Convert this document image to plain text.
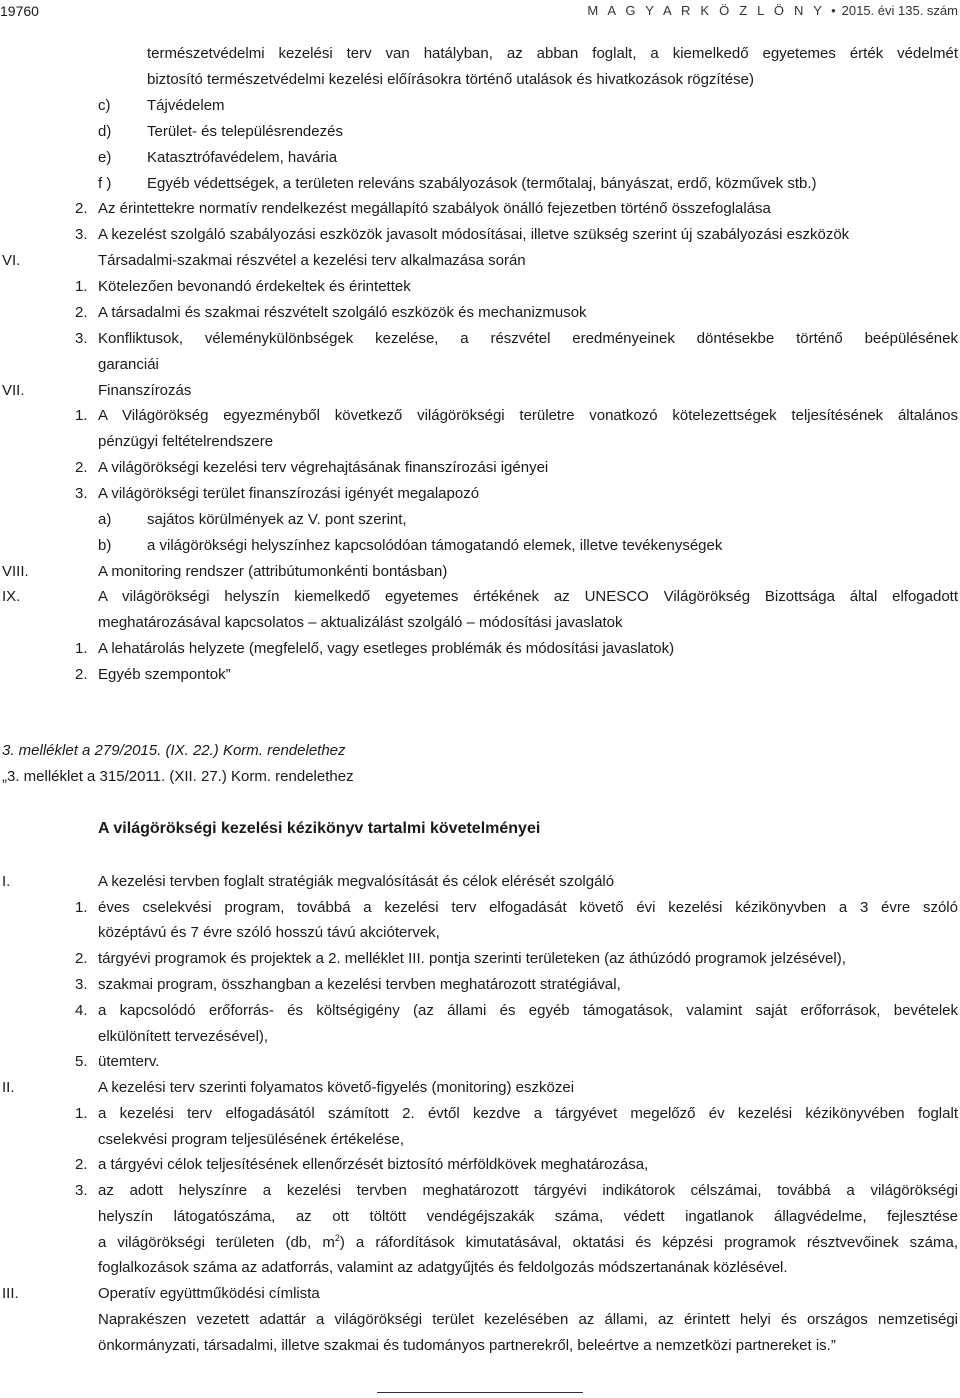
19760	M A G Y A R K Ö Z L Ö N Y • 2015. évi 135. szám
természetvédelmi kezelési terv van hatályban, az abban foglalt, a kiemelkedő egyetemes érték védelmét
biztosító természetvédelmi kezelési előírásokra történő utalások és hivatkozások rögzítése)
c) Tájvédelem
d) Terület- és településrendezés
e) Katasztrófavédelem, havária
f ) Egyéb védettségek, a területen releváns szabályozások (termőtalaj, bányászat, erdő, közművek stb.)
2. Az érintettekre normatív rendelkezést megállapító szabályok önálló fejezetben történő összefoglalása
3. A kezelést szolgáló szabályozási eszközök javasolt módosításai, illetve szükség szerint új szabályozási eszközök
VI.	Társadalmi-szakmai részvétel a kezelési terv alkalmazása során
1. Kötelezően bevonandó érdekeltek és érintettek
2. A társadalmi és szakmai részvételt szolgáló eszközök és mechanizmusok
3. Konfliktusok, véleménykülönbségek kezelése, a részvétel eredményeinek döntésekbe történő beépülésének
garanciái
VII.	Finanszírozás
1. A Világörökség egyezményből következő világörökségi területre vonatkozó kötelezettségek teljesítésének általános
pénzügyi feltételrendszere
2. A világörökségi kezelési terv végrehajtásának finanszírozási igényei
3. A világörökségi terület finanszírozási igényét megalapozó
a) sajátos körülmények az V. pont szerint,
b) a világörökségi helyszínhez kapcsolódóan támogatandó elemek, illetve tevékenységek
VIII.	A monitoring rendszer (attribútumonkénti bontásban)
IX.	A világörökségi helyszín kiemelkedő egyetemes értékének az UNESCO Világörökség Bizottsága által elfogadott
meghatározásával kapcsolatos – aktualizálást szolgáló – módosítási javaslatok
1. A lehatárolás helyzete (megfelelő, vagy esetleges problémák és módosítási javaslatok)
2. Egyéb szempontok”
3. melléklet a 279/2015. (IX. 22.) Korm. rendelethez
„3. melléklet a 315/2011. (XII. 27.) Korm. rendelethez
A világörökségi kezelési kézikönyv tartalmi követelményei
I.	A kezelési tervben foglalt stratégiák megvalósítását és célok elérését szolgáló
1. éves cselekvési program, továbbá a kezelési terv elfogadását követő évi kezelési kézikönyvben a 3 évre szóló
középtávú és 7 évre szóló hosszú távú akciótervek,
2. tárgyévi programok és projektek a 2. melléklet III. pontja szerinti területeken (az áthúzódó programok jelzésével),
3. szakmai program, összhangban a kezelési tervben meghatározott stratégiával,
4. a kapcsolódó erőforrás- és költségigény (az állami és egyéb támogatások, valamint saját erőforrások, bevételek
elkülönített tervezésével),
5. ütemterv.
II.	A kezelési terv szerinti folyamatos követő-figyelés (monitoring) eszközei
1. a kezelési terv elfogadásától számított 2. évtől kezdve a tárgyévet megelőző év kezelési kézikönyvében foglalt
cselekvési program teljesülésének értékelése,
2. a tárgyévi célok teljesítésének ellenőrzését biztosító mérföldkövek meghatározása,
3. az adott helyszínre a kezelési tervben meghatározott tárgyévi indikátorok célszámai, továbbá a világörökségi
helyszín látogatószáma, az ott töltött vendégéjszakák száma, védett ingatlanok állagvédelme, fejlesztése
a világörökségi területen (db, $m^2$) a ráfordítások kimutatásával, oktatási és képzési programok résztvevőinek száma,
foglalkozások száma az adatforrás, valamint az adatgyűjtés és feldolgozás módszertanának közlésével.
III.	Operatív együttműködési címlista
Naprakészen vezetett adattár a világörökségi terület kezelésében az állami, az érintett helyi és országos nemzetiségi
önkormányzati, társadalmi, illetve szakmai és tudományos partnerekről, beleértve a nemzetközi partnereket is.”
